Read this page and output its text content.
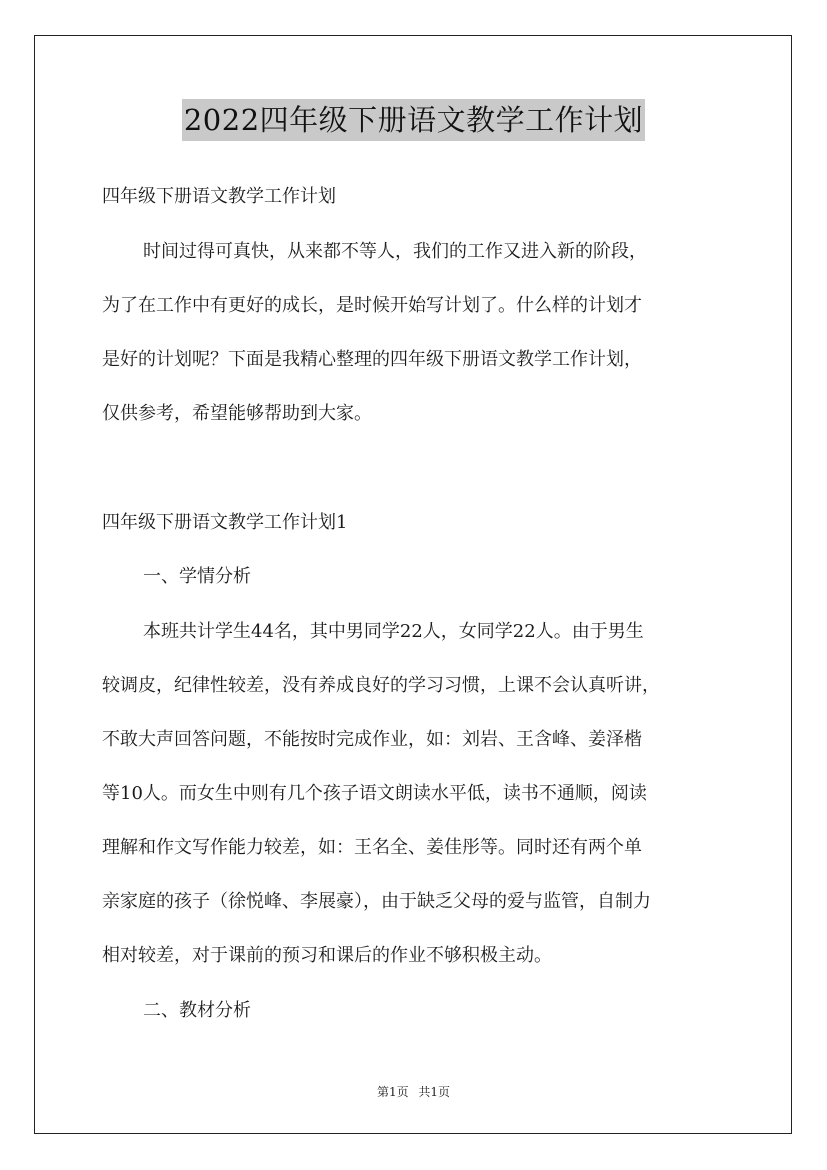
2022四年级下册语文教学工作计划
四年级下册语文教学工作计划
时间过得可真快，从来都不等人，我们的工作又进入新的阶段，
为了在工作中有更好的成长，是时候开始写计划了。什么样的计划才
是好的计划呢？下面是我精心整理的四年级下册语文教学工作计划，
仅供参考，希望能够帮助到大家。
四年级下册语文教学工作计划1
一、学情分析
本班共计学生44名，其中男同学22人，女同学22人。由于男生
较调皮，纪律性较差，没有养成良好的学习习惯，上课不会认真听讲，
不敢大声回答问题，不能按时完成作业，如：刘岩、王含峰、姜泽楷
等10人。而女生中则有几个孩子语文朗读水平低，读书不通顺，阅读
理解和作文写作能力较差，如：王名全、姜佳彤等。同时还有两个单
亲家庭的孩子（徐悦峰、李展豪），由于缺乏父母的爱与监管，自制力
相对较差，对于课前的预习和课后的作业不够积极主动。
二、教材分析
第1页 共1页
